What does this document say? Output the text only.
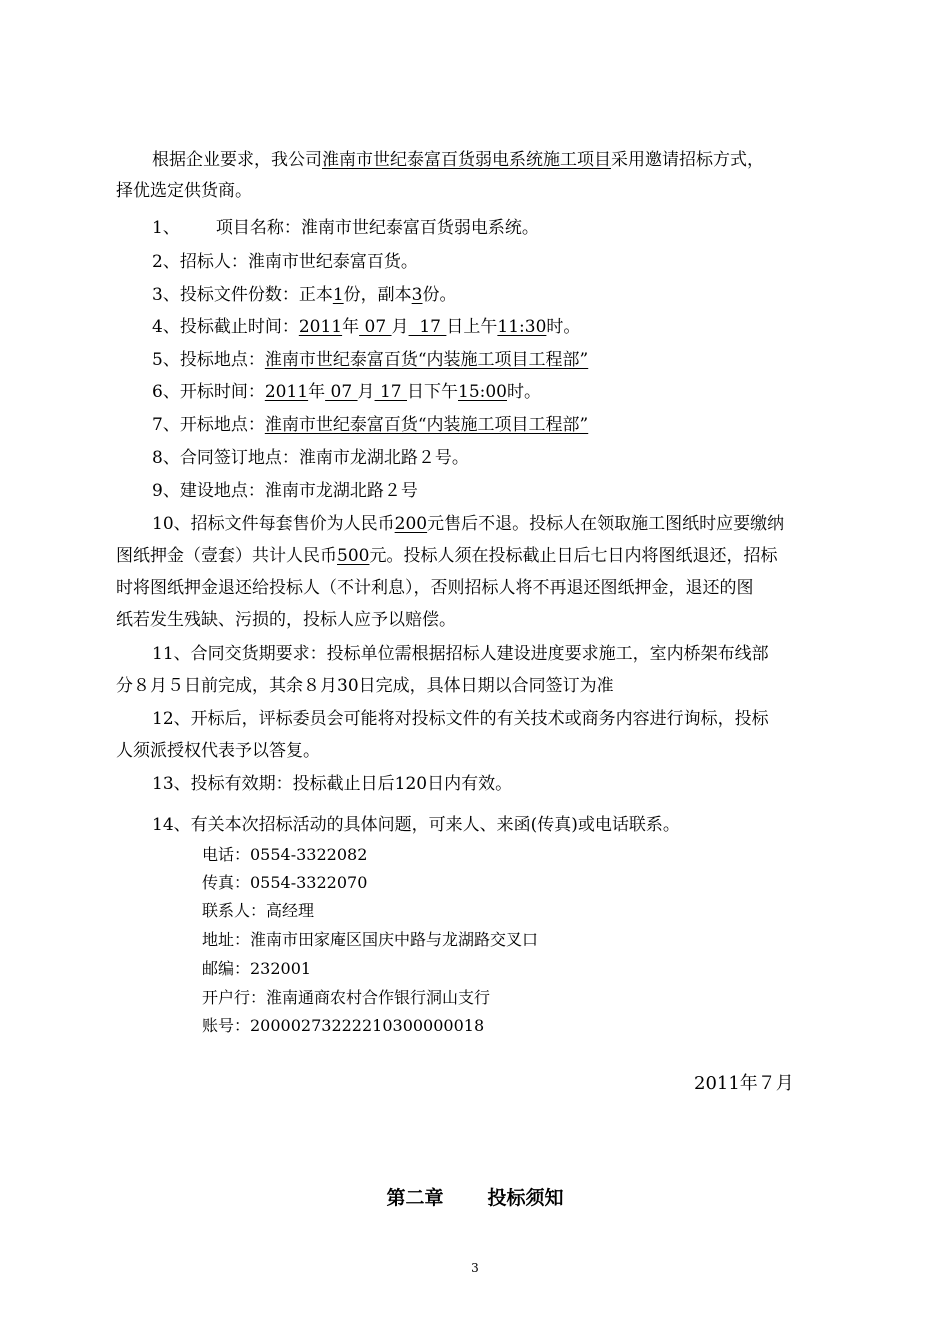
根据企业要求，我公司淮南市世纪泰富百货弱电系统施工项目采用邀请招标方式，
择优选定供货商。
1、 项目名称：淮南市世纪泰富百货弱电系统。
2、招标人：淮南市世纪泰富百货。
3、投标文件份数：正本1份，副本3份。
4、投标截止时间：2011年 07 月  17 日上午11:30时。
5、投标地点：淮南市世纪泰富百货“内装施工项目工程部”
6、开标时间：2011年 07 月 17 日下午15:00时。
7、开标地点：淮南市世纪泰富百货“内装施工项目工程部”
8、合同签订地点：淮南市龙湖北路２号。
9、建设地点：淮南市龙湖北路２号
10、招标文件每套售价为人民币200元售后不退。投标人在领取施工图纸时应要缴纳
图纸押金（壹套）共计人民币500元。投标人须在投标截止日后七日内将图纸退还，招标
时将图纸押金退还给投标人（不计利息），否则招标人将不再退还图纸押金，退还的图
纸若发生残缺、污损的，投标人应予以赔偿。
11、合同交货期要求：投标单位需根据招标人建设进度要求施工，室内桥架布线部
分８月５日前完成，其余８月30日完成，具体日期以合同签订为准
12、开标后，评标委员会可能将对投标文件的有关技术或商务内容进行询标，投标
人须派授权代表予以答复。
13、投标有效期：投标截止日后120日内有效。
14、有关本次招标活动的具体问题，可来人、来函(传真)或电话联系。
电话：0554-3322082
传真：0554-3322070
联系人：高经理
地址：淮南市田家庵区国庆中路与龙湖路交叉口
邮编：232001
开户行：淮南通商农村合作银行洞山支行
账号：20000273222210300000018
2011年７月
第二章 投标须知
3
